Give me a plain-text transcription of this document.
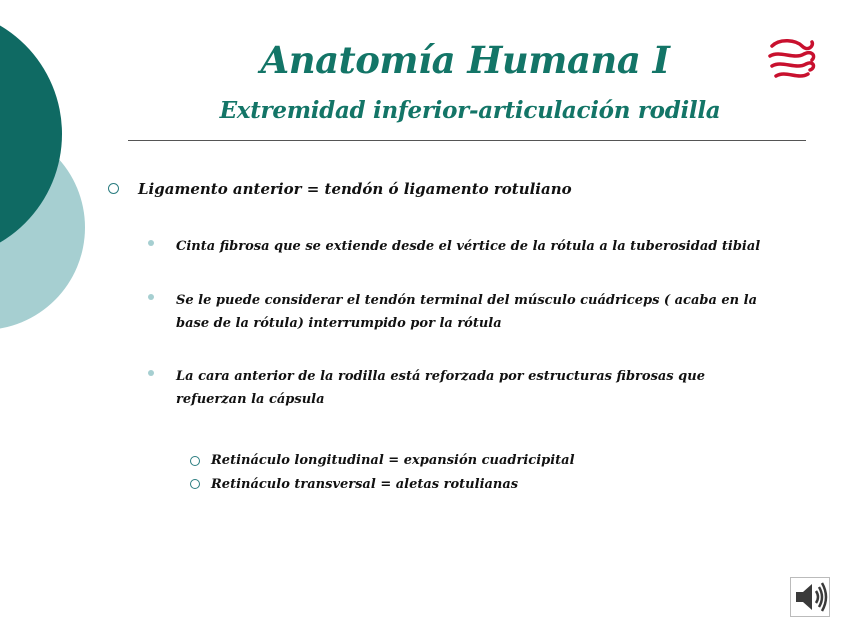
Anatomía Humana I
Extremidad inferior-articulación rodilla
Ligamento anterior = tendón ó ligamento rotuliano
Cinta fibrosa que se extiende desde el vértice de la rótula a la tuberosidad tibial
Se le puede considerar el tendón terminal del músculo cuádriceps ( acaba en la base de la rótula) interrumpido por la rótula
La cara anterior de la rodilla está reforzada por estructuras fibrosas que refuerzan la cápsula
Retináculo longitudinal = expansión cuadricipital
Retináculo transversal = aletas rotulianas
